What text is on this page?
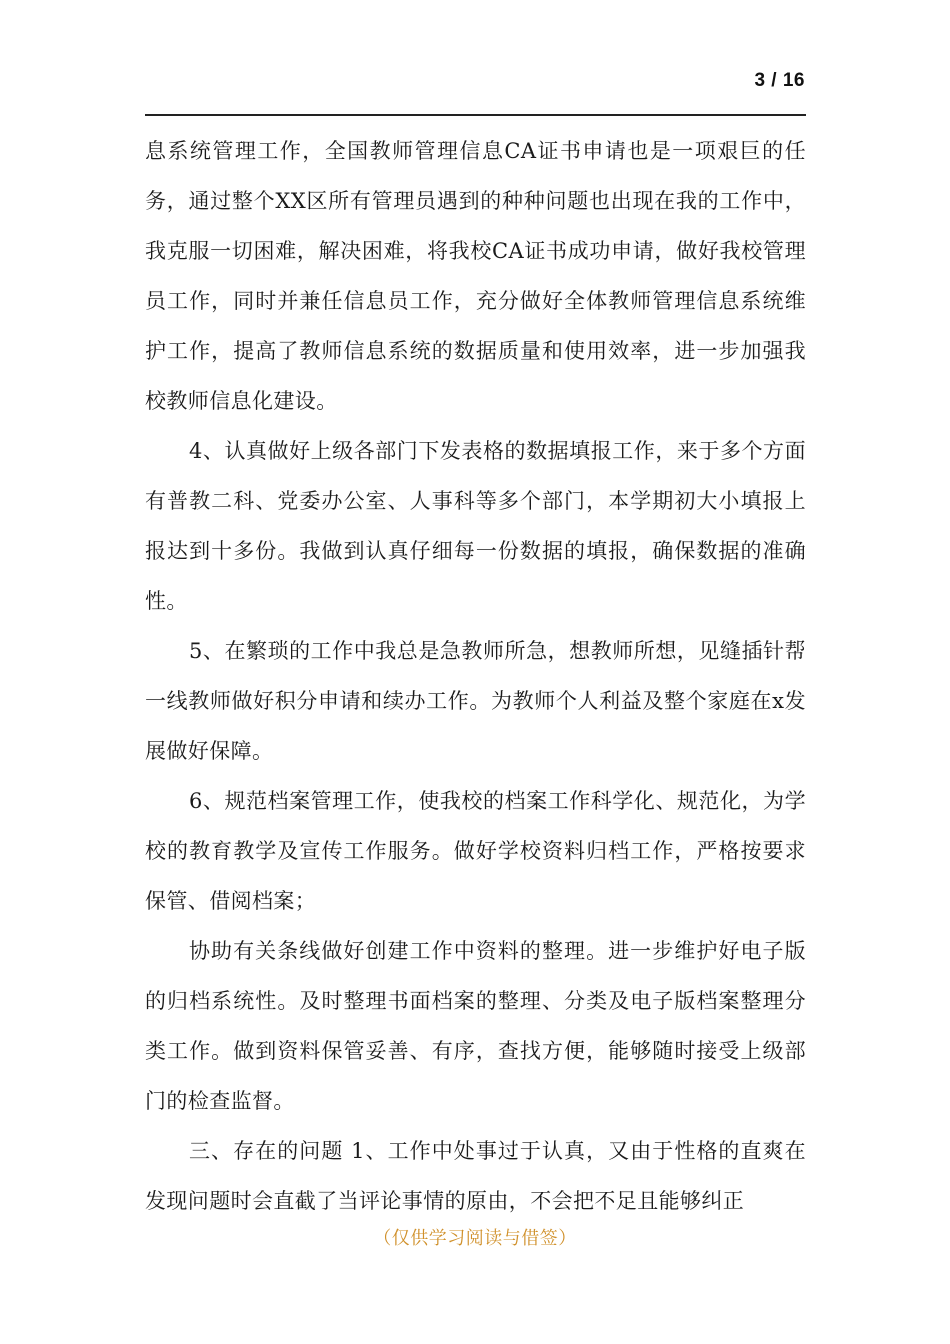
3 / 16

息系统管理工作，全国教师管理信息CA证书申请也是一项艰巨的任务，通过整个XX区所有管理员遇到的种种问题也出现在我的工作中，我克服一切困难，解决困难，将我校CA证书成功申请，做好我校管理员工作，同时并兼任信息员工作，充分做好全体教师管理信息系统维护工作，提高了教师信息系统的数据质量和使用效率，进一步加强我校教师信息化建设。

4、认真做好上级各部门下发表格的数据填报工作，来于多个方面有普教二科、党委办公室、人事科等多个部门，本学期初大小填报上报达到十多份。我做到认真仔细每一份数据的填报，确保数据的准确性。

5、在繁琐的工作中我总是急教师所急，想教师所想，见缝插针帮一线教师做好积分申请和续办工作。为教师个人利益及整个家庭在x发展做好保障。

6、规范档案管理工作，使我校的档案工作科学化、规范化，为学校的教育教学及宣传工作服务。做好学校资料归档工作，严格按要求保管、借阅档案；

协助有关条线做好创建工作中资料的整理。进一步维护好电子版的归档系统性。及时整理书面档案的整理、分类及电子版档案整理分类工作。做到资料保管妥善、有序，查找方便，能够随时接受上级部门的检查监督。

三、存在的问题 1、工作中处事过于认真，又由于性格的直爽在发现问题时会直截了当评论事情的原由，不会把不足且能够纠正

（仅供学习阅读与借签）
